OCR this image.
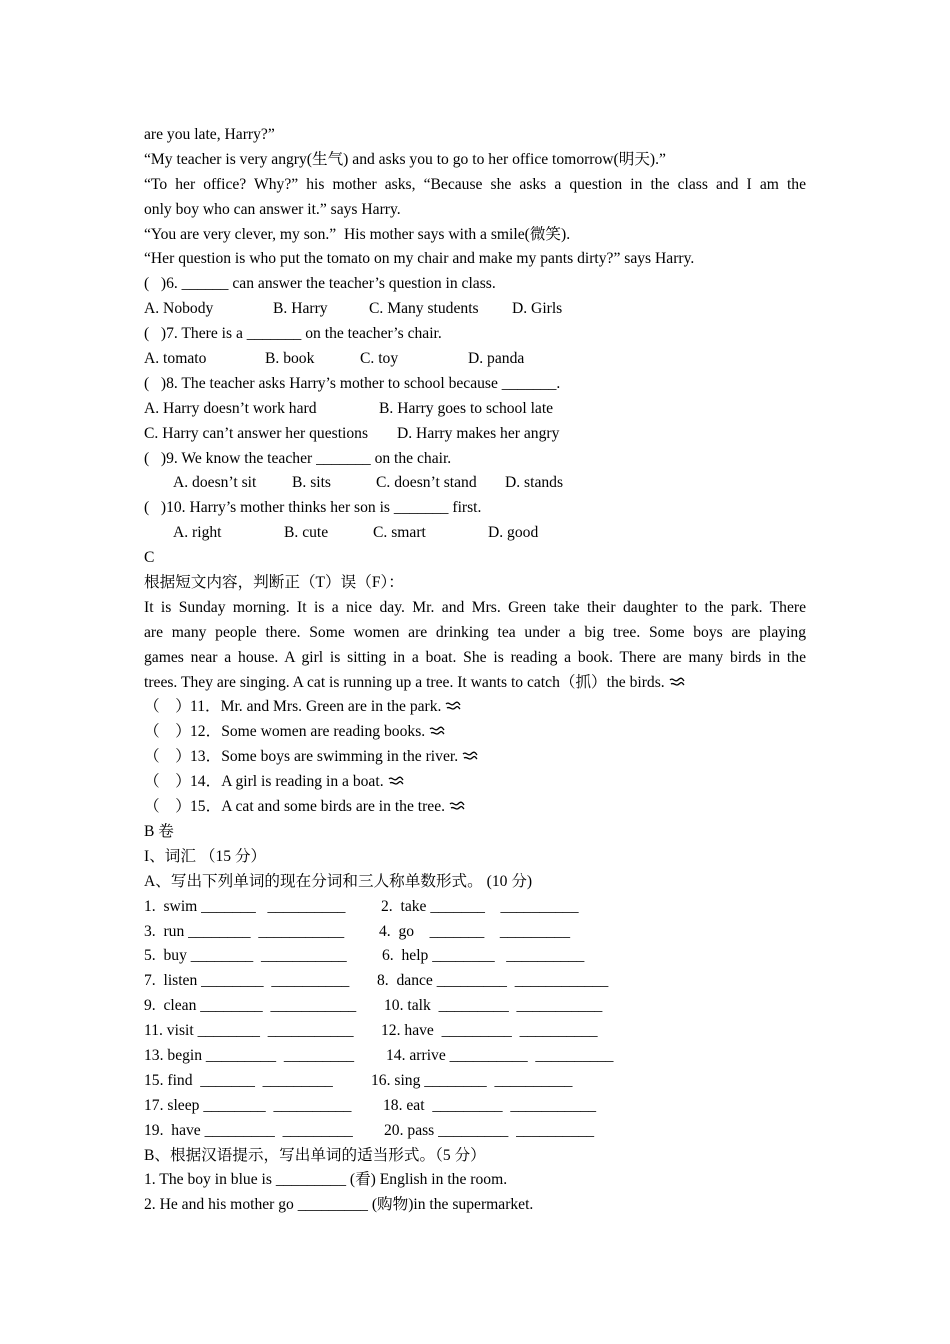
are you late, Harry?”
“My teacher is very angry(生气) and asks you to go to her office tomorrow(明天).”
“To her office? Why?” his mother asks, “Because she asks a question in the class and I am the
only boy who can answer it.” says Harry.
“You are very clever, my son.”  His mother says with a smile(微笑).
“Her question is who put the tomato on my chair and make my pants dirty?” says Harry.
(   )6. ______ can answer the teacher’s question in class.

A. Nobody

	B. Harry

	C. Many students

D. Girls

(   )7. There is a _______ on the teacher’s chair.

A. tomato

	B. book

	C. toy

	D. panda

(   )8. The teacher asks Harry’s mother to school because _______.

A. Harry doesn’t work hard

	B. Harry goes to school late

C. Harry can’t answer her questions

D. Harry makes her angry

(   )9. We know the teacher _______ on the chair.

A. doesn’t sit

B. sits

	C. doesn’t stand

D. stands

(   )10. Harry’s mother thinks her son is _______ first.

A. right

	B. cute

	C. smart

	D. good

C
根据短文内容，判断正（T）误（F）：
It is Sunday morning. It is a nice day. Mr. and Mrs. Green take their daughter to the park. There
are many people there. Some women are drinking tea under a big tree. Some boys are playing
games near a house. A girl is sitting in a boat. She is reading a book. There are many birds in the
trees. They are singing. A cat is running up a tree. It wants to catch（抓）the birds.
（    ） 11．Mr. and Mrs. Green are in the park.
（    ） 12．Some women are reading books.
（    ） 13．Some boys are swimming in the river.
（    ） 14．A girl is reading in a boat.
（    ） 15．A cat and some birds are in the tree.
B 卷
I、词汇 （15 分）
A、写出下列单词的现在分词和三人称单数形式。 (10 分)
1.  swim _______   __________ 2.  take _______    __________
3.  run ________  ___________ 4.  go    _______    _________
5.  buy ________  ___________ 6.  help ________   __________
7.  listen ________  __________ 8.  dance _________  ____________
9.  clean ________  ___________ 10. talk  _________  ___________
11. visit ________  ___________ 12. have  _________  __________
13. begin _________  _________ 14. arrive __________  __________
15. find  _______  _________ 16. sing ________  __________
17. sleep ________  __________ 18. eat  _________  ___________
19.  have _________  _________ 20. pass _________  __________
B、根据汉语提示，写出单词的适当形式。（5 分）
1. The boy in blue is _________ (看) English in the room.
2. He and his mother go _________ (购物)in the supermarket.
